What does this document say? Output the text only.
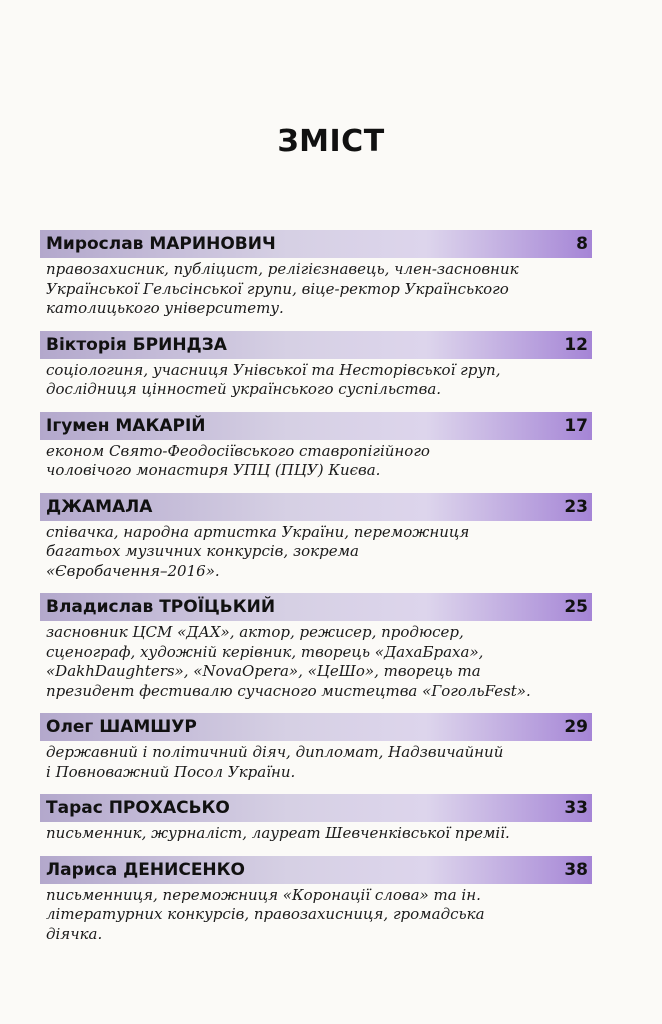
ЗМІСТ
Мирослав МАРИНОВИЧ	8
правозахисник, публіцист, релігієзнавець, член-засновник
Української Гельсінської групи, віце-ректор Українського
католицького університету.
Вікторія БРИНДЗА	12
соціологиня, учасниця Унівської та Несторівської груп,
дослідниця цінностей українського суспільства.
Ігумен МАКАРІЙ	17
економ Свято-Феодосіївського ставропігійного
чоловічого монастиря УПЦ (ПЦУ) Києва.
ДЖАМАЛА	23
співачка, народна артистка України, переможниця
багатьох музичних конкурсів, зокрема
«Євробачення–2016».
Владислав ТРОЇЦЬКИЙ	25
засновник ЦСМ «ДАХ», актор, режисер, продюсер,
сценограф, художній керівник, творець «ДахаБраха»,
«DakhDaughters», «NovaOpera», «ЦеШо», творець та
президент фестивалю сучасного мистецтва «ГогольFest».
Олег ШАМШУР	29
державний і політичний діяч, дипломат, Надзвичайний
і Повноважний Посол України.
Тарас ПРОХАСЬКО	33
письменник, журналіст, лауреат Шевченківської премії.
Лариса ДЕНИСЕНКО	38
письменниця, переможниця «Коронації слова» та ін.
літературних конкурсів, правозахисниця, громадська
діячка.
